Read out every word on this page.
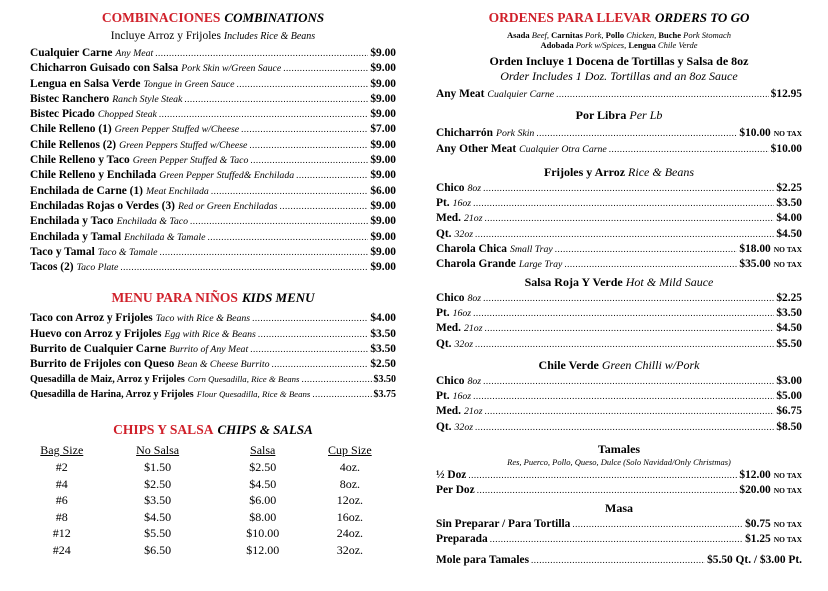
COMBINACIONES COMBINATIONS
Incluye Arroz y Frijoles Includes Rice & Beans
Cualquier Carne Any Meat .....	$9.00
Chicharron Guisado con Salsa Pork Skin w/Green Sauce .....	$9.00
Lengua en Salsa Verde Tongue in Green Sauce .....	$9.00
Bistec Ranchero Ranch Style Steak .....	$9.00
Bistec Picado Chopped Steak .....	$9.00
Chile Relleno (1) Green Pepper Stuffed w/Cheese .....	$7.00
Chile Rellenos (2) Green Peppers Stuffed w/Cheese .....	$9.00
Chile Relleno y Taco Green Pepper Stuffed & Taco .....	$9.00
Chile Relleno y Enchilada Green Pepper Stuffed& Enchilada .....	$9.00
Enchilada de Carne (1) Meat Enchilada .....	$6.00
Enchiladas Rojas o Verdes (3) Red or Green Enchiladas .....	$9.00
Enchilada y Taco Enchilada & Taco .....	$9.00
Enchilada y Tamal Enchilada & Tamale .....	$9.00
Taco y Tamal Taco & Tamale .....	$9.00
Tacos (2) Taco Plate .....	$9.00
MENU PARA NIÑOS KIDS MENU
Taco con Arroz y Frijoles Taco with Rice & Beans .....	$4.00
Huevo con Arroz y Frijoles Egg with Rice & Beans .....	$3.50
Burrito de Cualquier Carne Burrito of Any Meat .....	$3.50
Burrito de Frijoles con Queso Bean & Cheese Burrito .....	$2.50
Quesadilla de Maiz, Arroz y Frijoles Corn Quesadilla, Rice & Beans .....	$3.50
Quesadilla de Harina, Arroz y Frijoles Flour Quesadilla, Rice & Beans .....	$3.75
CHIPS Y SALSA CHIPS & SALSA
Bag Size	No Salsa	Salsa	Cup Size
#2	$1.50	$2.50	4oz.
#4	$2.50	$4.50	8oz.
#6	$3.50	$6.00	12oz.
#8	$4.50	$8.00	16oz.
#12	$5.50	$10.00	24oz.
#24	$6.50	$12.00	32oz.
ORDENES PARA LLEVAR ORDERS TO GO
Asada Beef, Carnitas Pork, Pollo Chicken, Buche Pork Stomach
Adobada Pork w/Spices, Lengua Chile Verde
Orden Incluye 1 Docena de Tortillas y Salsa de 8oz
Order Includes 1 Doz. Tortillas and an 8oz Sauce
Any Meat Cualquier Carne .....	$12.95
Por Libra Per Lb
Chicharrón Pork Skin .....	$10.00 NO TAX
Any Other Meat Cualquier Otra Carne .....	$10.00
Frijoles y Arroz Rice & Beans
Chico 8oz .....	$2.25
Pt. 16oz .....	$3.50
Med. 21oz .....	$4.00
Qt. 32oz .....	$4.50
Charola Chica Small Tray .....	$18.00 NO TAX
Charola Grande Large Tray .....	$35.00 NO TAX
Salsa Roja Y Verde Hot & Mild Sauce
Chico 8oz .....	$2.25
Pt. 16oz .....	$3.50
Med. 21oz .....	$4.50
Qt. 32oz .....	$5.50
Chile Verde Green Chilli w/Pork
Chico 8oz .....	$3.00
Pt. 16oz .....	$5.00
Med. 21oz .....	$6.75
Qt. 32oz .....	$8.50
Tamales
Res, Puerco, Pollo, Queso, Dulce (Solo Navidad/Only Christmas)
½ Doz .....	$12.00 NO TAX
Per Doz .....	$20.00 NO TAX
Masa
Sin Preparar / Para Tortilla .....	$0.75 NO TAX
Preparada .....	$1.25 NO TAX
Mole para Tamales .....	$5.50 Qt. / $3.00 Pt.
